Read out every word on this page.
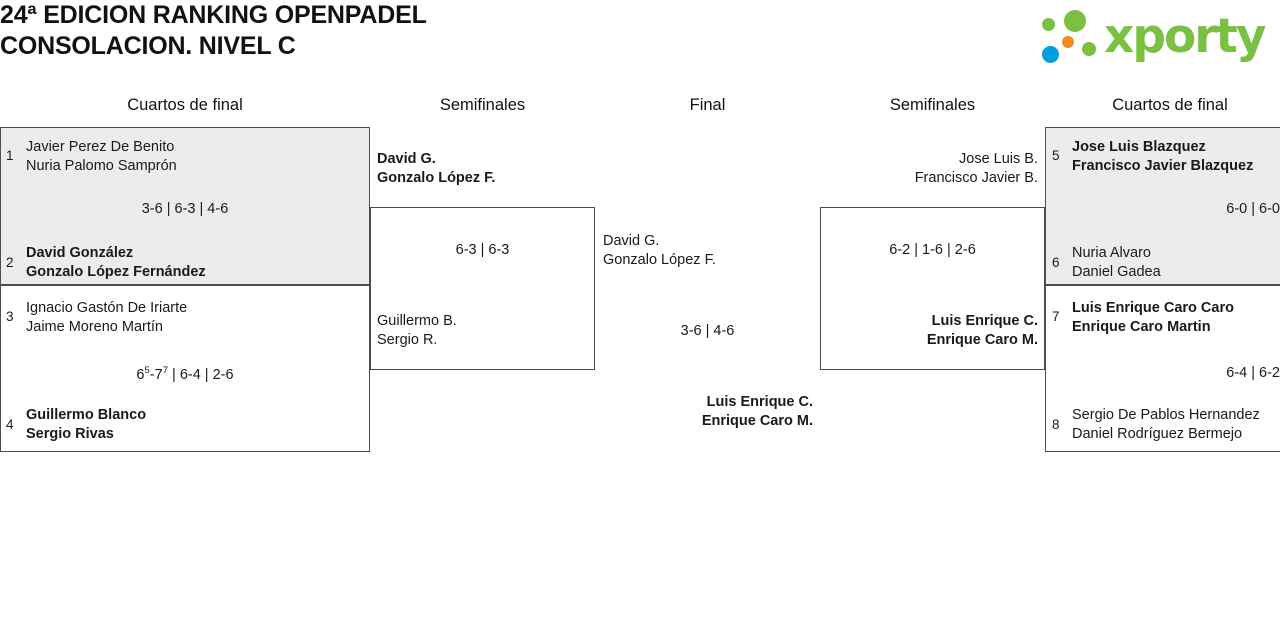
24ª EDICION RANKING OPENPADEL
CONSOLACION. NIVEL C	xporty
Cuartos de final	Semifinales	Final	Semifinales	Cuartos de final
1
Javier Perez De Benito
Nuria Palomo Samprón
3-6 | 6-3 | 4-6
2
David González
Gonzalo López Fernández
3
Ignacio Gastón De Iriarte
Jaime Moreno Martín
$6^5-7^7$ | 6-4 | 2-6
4
Guillermo Blanco
Sergio Rivas
David G.
Gonzalo López F.
6-3 | 6-3
Guillermo B.
Sergio R.
David G.
Gonzalo López F.
3-6 | 4-6
Luis Enrique C.
Enrique Caro M.
Jose Luis B.
Francisco Javier B.
6-2 | 1-6 | 2-6
Luis Enrique C.
Enrique Caro M.
5
Jose Luis Blazquez
Francisco Javier Blazquez
6-0 | 6-0
6
Nuria Alvaro
Daniel Gadea
7
Luis Enrique Caro Caro
Enrique Caro Martin
6-4 | 6-2
8
Sergio De Pablos Hernandez
Daniel Rodríguez Bermejo
